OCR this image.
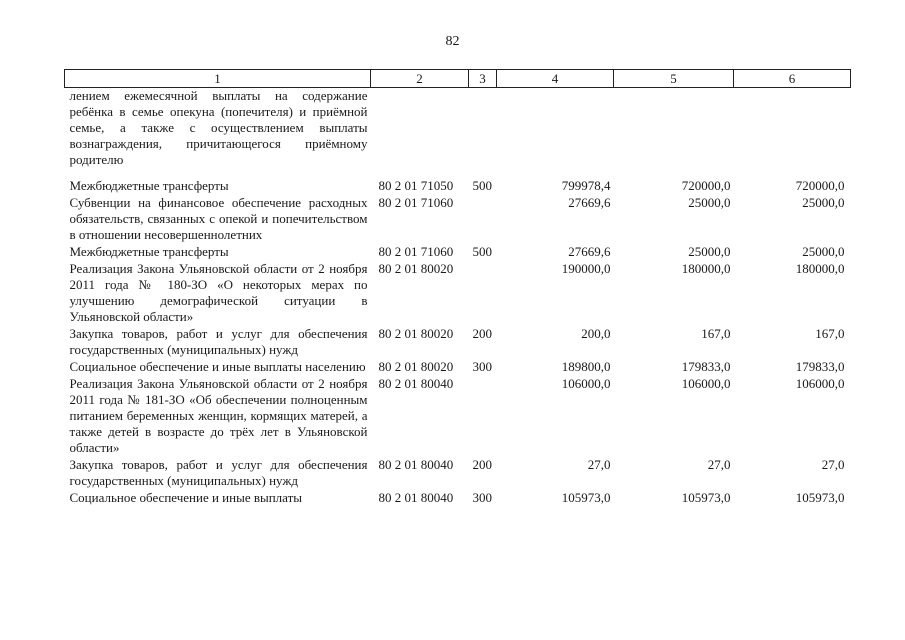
82
1	2	3	4	5	6
лением ежемесячной выплаты на содержание ребёнка в семье опекуна (попечителя) и приёмной семье, а также с осуществлением выплаты вознаграждения, причитающегося приёмному родителю					

Межбюджетные трансферты	80 2 01 71050	500	799978,4	720000,0	720000,0
Субвенции на финансовое обеспечение расходных обязательств, связанных с опекой и попечительством в отношении несовершеннолетних	80 2 01 71060		27669,6	25000,0	25000,0
Межбюджетные трансферты	80 2 01 71060	500	27669,6	25000,0	25000,0
Реализация Закона Ульяновской области от 2 ноября 2011 года № 180-ЗО «О некоторых мерах по улучшению демографической ситуации в Ульяновской области»	80 2 01 80020		190000,0	180000,0	180000,0
Закупка товаров, работ и услуг для обеспечения государственных (муниципальных) нужд	80 2 01 80020	200	200,0	167,0	167,0
Социальное обеспечение и иные выплаты населению	80 2 01 80020	300	189800,0	179833,0	179833,0
Реализация Закона Ульяновской области от 2 ноября 2011 года № 181-ЗО «Об обеспечении полноценным питанием беременных женщин, кормящих матерей, а также детей в возрасте до трёх лет в Ульяновской области»	80 2 01 80040		106000,0	106000,0	106000,0
Закупка товаров, работ и услуг для обеспечения государственных (муниципальных) нужд	80 2 01 80040	200	27,0	27,0	27,0
Социальное обеспечение и иные выплаты	80 2 01 80040	300	105973,0	105973,0	105973,0
